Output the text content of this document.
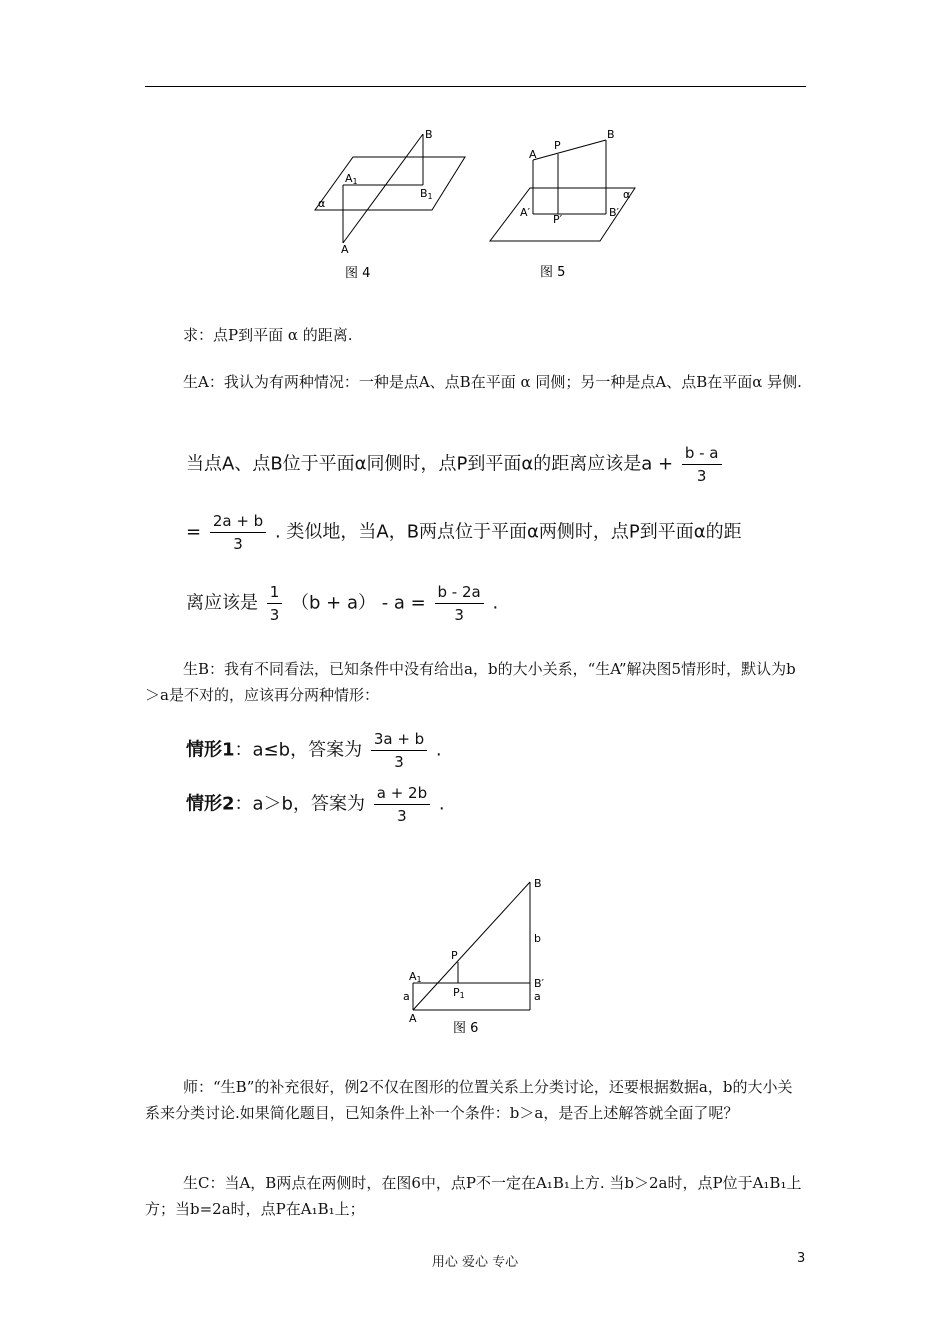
B
A1
B1
α
A
图 4
A
P
B
α
A′
P′
B′
图 5
求：点P到平面 α 的距离.
生A：我认为有两种情况：一种是点A、点B在平面 α 同侧；另一种是点A、点B在平面α 异侧.
当点A、点B位于平面α同侧时，点P到平面α的距离应该是$a + \frac{b - a}{3}$
= $\frac{2a + b}{3}$ . 类似地，当A，B两点位于平面α两侧时，点P到平面α的距
离应该是 $\frac{1}{3} (b + a) - a = \frac{b - 2a}{3}$ .
生B：我有不同看法，已知条件中没有给出a，b的大小关系，“生A”解决图5情形时，默认为b＞a是不对的，应该再分两种情形：
情形1：a≤b，答案为 $\frac{3a + b}{3}$ .
情形2：a＞b，答案为 $\frac{a + 2b}{3}$ .
B
b
P
A1	B′
a	P1	a
A
图 6
师：“生B”的补充很好，例2不仅在图形的位置关系上分类讨论，还要根据数据a，b的大小关系来分类讨论.如果简化题目，已知条件上补一个条件：b＞a，是否上述解答就全面了呢？
生C：当A，B两点在两侧时，在图6中，点P不一定在A₁B₁上方. 当b＞2a时，点P位于A₁B₁上方；当b=2a时，点P在A₁B₁上；
用心 爱心 专心	3
